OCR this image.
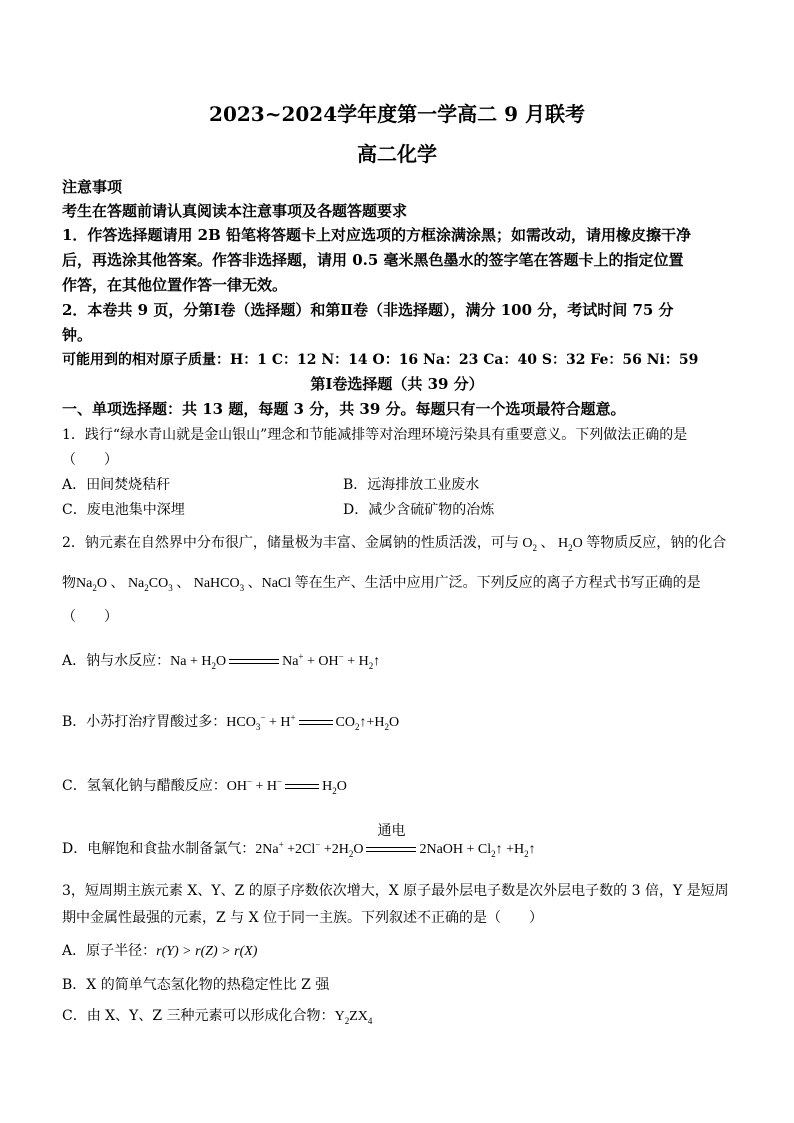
2023~2024学年度第一学高二 9 月联考
高二化学
注意事项
考生在答题前请认真阅读本注意事项及各题答题要求
1．作答选择题请用 2B 铅笔将答题卡上对应选项的方框涂满涂黑；如需改动，请用橡皮擦干净
后，再选涂其他答案。作答非选择题，请用 0.5 毫米黑色墨水的签字笔在答题卡上的指定位置
作答，在其他位置作答一律无效。
2．本卷共 9 页，分第Ⅰ卷（选择题）和第Ⅱ卷（非选择题），满分 100 分，考试时间 75 分
钟。
可能用到的相对原子质量：H：1 C：12 N：14 O：16 Na：23 Ca：40 S：32 Fe：56 Ni：59
第Ⅰ卷选择题（共 39 分）
一、单项选择题：共 13 题，每题 3 分，共 39 分。每题只有一个选项最符合题意。
1．践行“绿水青山就是金山银山”理念和节能减排等对治理环境污染具有重要意义。下列做法正确的是
（　　）
A．田间焚烧秸秆	B．远海排放工业废水
C．废电池集中深埋	D．减少含硫矿物的冶炼
2．钠元素在自然界中分布很广，储量极为丰富、金属钠的性质活泼，可与 $O_2$ 、 $H_2O$ 等物质反应，钠的化合
物$Na_2O$ 、 $Na_2CO_3$ 、 NaHCO$_3$ 、NaCl 等在生产、生活中应用广泛。下列反应的离子方程式书写正确的是
（　　）
A．钠与水反应：$Na + H_2O$	$Na^+ + OH^- + H_2↑$
B．小苏打治疗胃酸过多：$HCO_3^- + H^+$	$CO_2↑+H_2O$
C．氢氧化钠与醋酸反应：OH− + H−	$H_2O$
D．电解饱和食盐水制备氯气：$2Na^+ +2Cl^- +2H_2O$
通电
2NaOH + $Cl_2↑$ $+H_2↑$
3，短周期主族元素 X、Y、Z 的原子序数依次增大，X 原子最外层电子数是次外层电子数的 3 倍，Y 是短周
期中金属性最强的元素，Z 与 X 位于同一主族。下列叙述不正确的是（　　）
A．原子半径：r(Y) > r(Z) > r(X)
B．X 的简单气态氢化物的热稳定性比 Z 强
C．由 X、Y、Z 三种元素可以形成化合物：$Y_2ZX_4$
